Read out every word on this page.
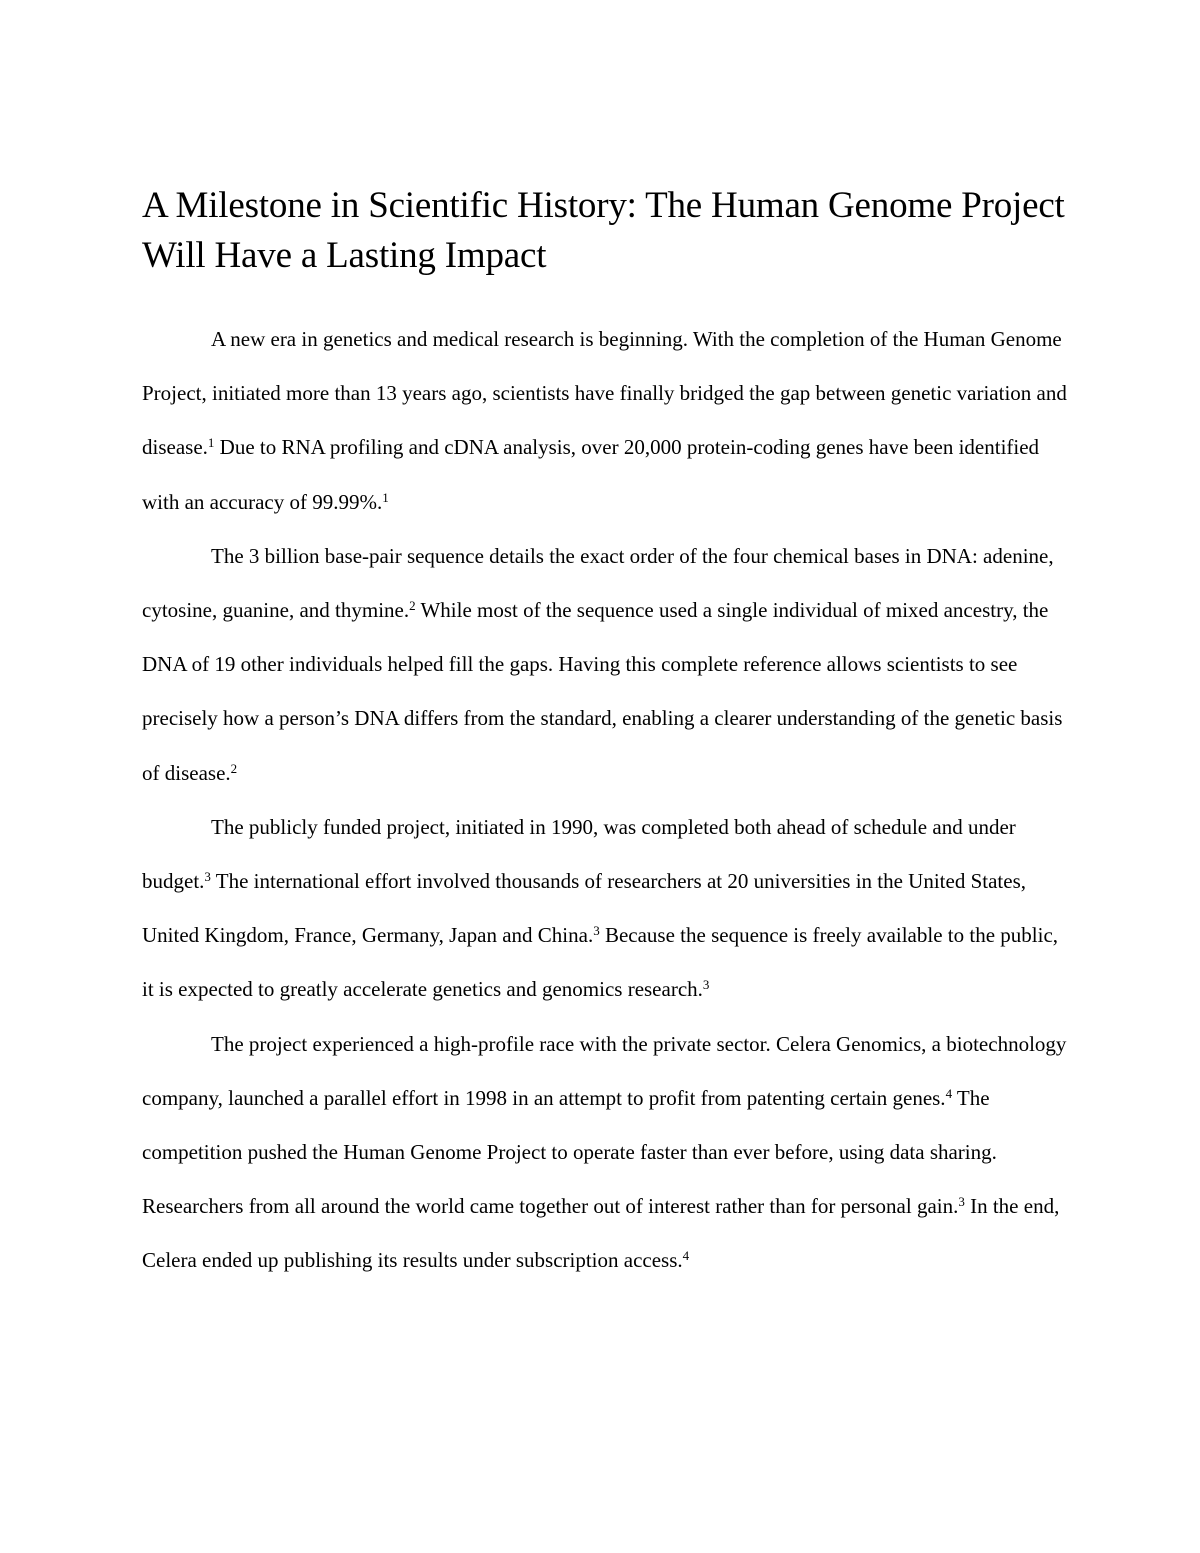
A Milestone in Scientific History: The Human Genome Project Will Have a Lasting Impact

A new era in genetics and medical research is beginning. With the completion of the Human Genome Project, initiated more than 13 years ago, scientists have finally bridged the gap between genetic variation and disease.$^1$ Due to RNA profiling and cDNA analysis, over 20,000 protein-coding genes have been identified with an accuracy of 99.99%.$^1$

The 3 billion base-pair sequence details the exact order of the four chemical bases in DNA: adenine, cytosine, guanine, and thymine.$^2$ While most of the sequence used a single individual of mixed ancestry, the DNA of 19 other individuals helped fill the gaps. Having this complete reference allows scientists to see precisely how a person’s DNA differs from the standard, enabling a clearer understanding of the genetic basis of disease.$^2$

The publicly funded project, initiated in 1990, was completed both ahead of schedule and under budget.$^3$ The international effort involved thousands of researchers at 20 universities in the United States, United Kingdom, France, Germany, Japan and China.$^3$ Because the sequence is freely available to the public, it is expected to greatly accelerate genetics and genomics research.$^3$

The project experienced a high-profile race with the private sector. Celera Genomics, a biotechnology company, launched a parallel effort in 1998 in an attempt to profit from patenting certain genes.$^4$ The competition pushed the Human Genome Project to operate faster than ever before, using data sharing. Researchers from all around the world came together out of interest rather than for personal gain.$^3$ In the end, Celera ended up publishing its results under subscription access.$^4$
